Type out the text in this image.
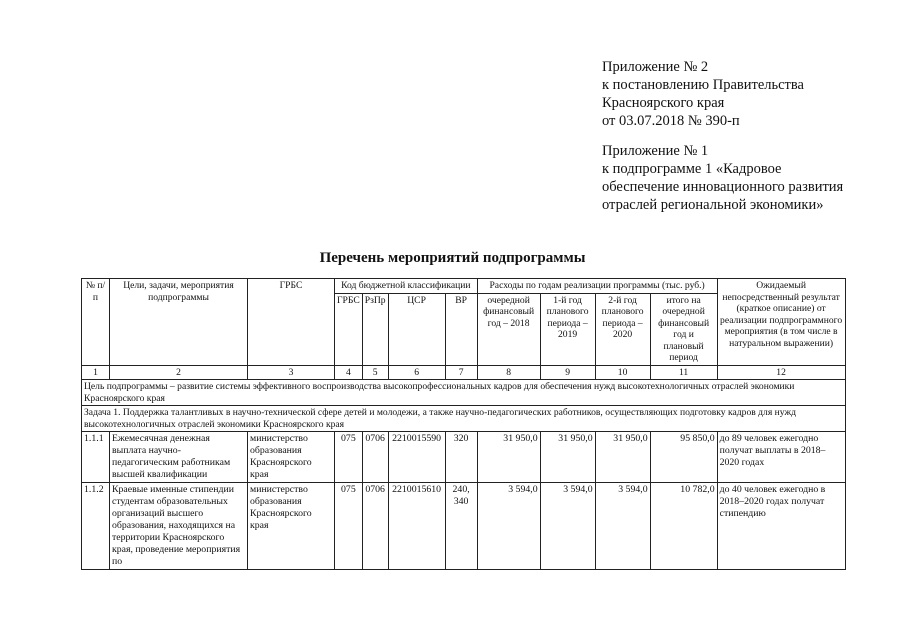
Приложение № 2
к постановлению Правительства
Красноярского края
от 03.07.2018 № 390-п
Приложение № 1
к подпрограмме 1 «Кадровое
обеспечение инновационного развития
отраслей региональной экономики»
Перечень мероприятий подпрограммы
№ п/п	Цели, задачи, мероприятия подпрограммы	ГРБС	Код бюджетной классификации				Расходы по годам реализации программы (тыс. руб.)				Ожидаемый непосредственный результат (краткое описание) от реализации подпрограммного мероприятия (в том числе в натуральном выражении)
			ГРБС	РзПр	ЦСР	ВР	очередной финансовый год – 2018	1-й год планового периода – 2019	2-й год планового периода – 2020	итого на очередной финансовый год и плановый период	
1	2	3	4	5	6	7	8	9	10	11	12
Цель подпрограммы – развитие системы эффективного воспроизводства высокопрофессиональных кадров для обеспечения нужд высокотехнологичных отраслей экономики Красноярского края											
Задача 1. Поддержка талантливых в научно-технической сфере детей и молодежи, а также научно-педагогических работников, осуществляющих подготовку кадров для нужд высокотехнологичных отраслей экономики Красноярского края											
1.1.1	Ежемесячная денежная выплата научно-педагогическим работникам высшей квалификации	министерство образования Красноярского края	075	0706	2210015590	320	31 950,0	31 950,0	31 950,0	95 850,0	до 89 человек ежегодно получат выплаты в 2018–2020 годах
1.1.2	Краевые именные стипендии студентам образовательных организаций высшего образования, находящихся на территории Красноярского края, проведение мероприятия по	министерство образования Красноярского края	075	0706	2210015610	240, 340	3 594,0	3 594,0	3 594,0	10 782,0	до 40 человек ежегодно в 2018–2020 годах получат стипендию
